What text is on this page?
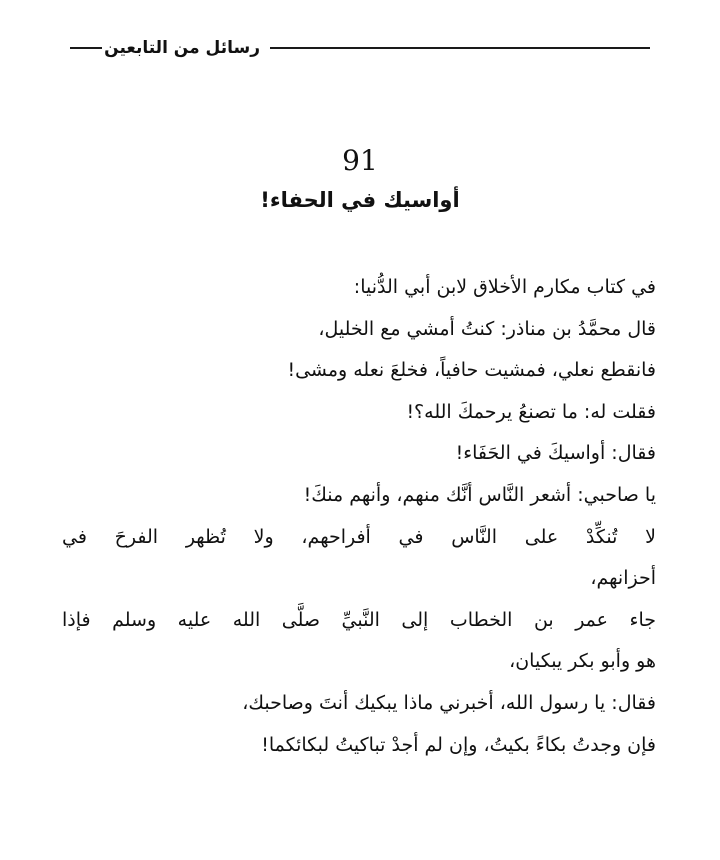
رسائل من التابعين
91
أواسيك في الحفاء!
في كتاب مكارم الأخلاق لابن أبي الدُّنيا:
قال محمَّدُ بن مناذر: كنتُ أمشي مع الخليل،
فانقطع نعلي، فمشيت حافياً، فخلعَ نعله ومشى!
فقلت له: ما تصنعُ يرحمكَ الله؟!
فقال: أواسيكَ في الحَفَاء!
يا صاحبي: أشعر النَّاس أنَّك منهم، وأنهم منكَ!
لا تُنكِّدْ على النَّاس في أفراحهم، ولا تُظهر الفرحَ في
أحزانهم،
جاء عمر بن الخطاب إلى النَّبيِّ صلَّى الله عليه وسلم فإذا
هو وأبو بكر يبكيان،
فقال: يا رسول الله، أخبرني ماذا يبكيك أنتَ وصاحبك،
فإن وجدتُ بكاءً بكيتُ، وإن لم أجدْ تباكيتُ لبكائكما!
